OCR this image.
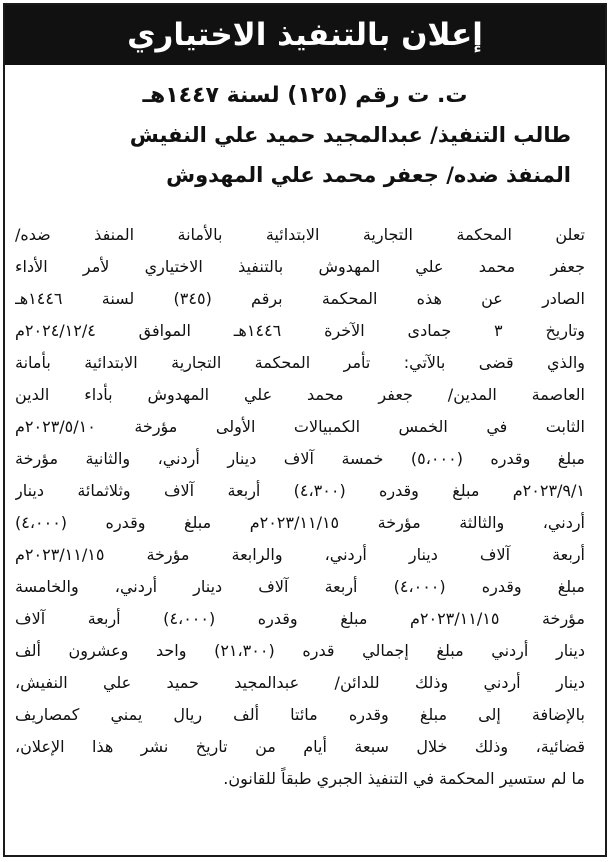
إعلان بالتنفيذ الاختياري
ت. ت رقم (١٢٥) لسنة ١٤٤٧هـ
طالب التنفيذ/ عبدالمجيد حميد علي النفيش
المنفذ ضده/ جعفر محمد علي المهدوش
تعلن المحكمة التجارية الابتدائية بالأمانة المنفذ ضده/
جعفر محمد علي المهدوش بالتنفيذ الاختياري لأمر الأداء
الصادر عن هذه المحكمة برقم (٣٤٥) لسنة ١٤٤٦هـ
وتاريخ ٣ جمادى الآخرة ١٤٤٦هـ الموافق ٢٠٢٤/١٢/٤م
والذي قضى بالآتي: تأمر المحكمة التجارية الابتدائية بأمانة
العاصمة المدين/ جعفر محمد علي المهدوش بأداء الدين
الثابت في الخمس الكمبيالات الأولى مؤرخة ٢٠٢٣/٥/١٠م
مبلغ وقدره (٥،٠٠٠) خمسة آلاف دينار أردني، والثانية مؤرخة
٢٠٢٣/٩/١م مبلغ وقدره (٤،٣٠٠) أربعة آلاف وثلاثمائة دينار
أردني، والثالثة مؤرخة ٢٠٢٣/١١/١٥م مبلغ وقدره (٤،٠٠٠)
أربعة آلاف دينار أردني، والرابعة مؤرخة ٢٠٢٣/١١/١٥م
مبلغ وقدره (٤،٠٠٠) أربعة آلاف دينار أردني، والخامسة
مؤرخة ٢٠٢٣/١١/١٥م مبلغ وقدره (٤،٠٠٠) أربعة آلاف
دينار أردني مبلغ إجمالي قدره (٢١،٣٠٠) واحد وعشرون ألف
دينار أردني وذلك للدائن/ عبدالمجيد حميد علي النفيش،
بالإضافة إلى مبلغ وقدره مائتا ألف ريال يمني كمصاريف
قضائية، وذلك خلال سبعة أيام من تاريخ نشر هذا الإعلان،
ما لم ستسير المحكمة في التنفيذ الجبري طبقاً للقانون.
